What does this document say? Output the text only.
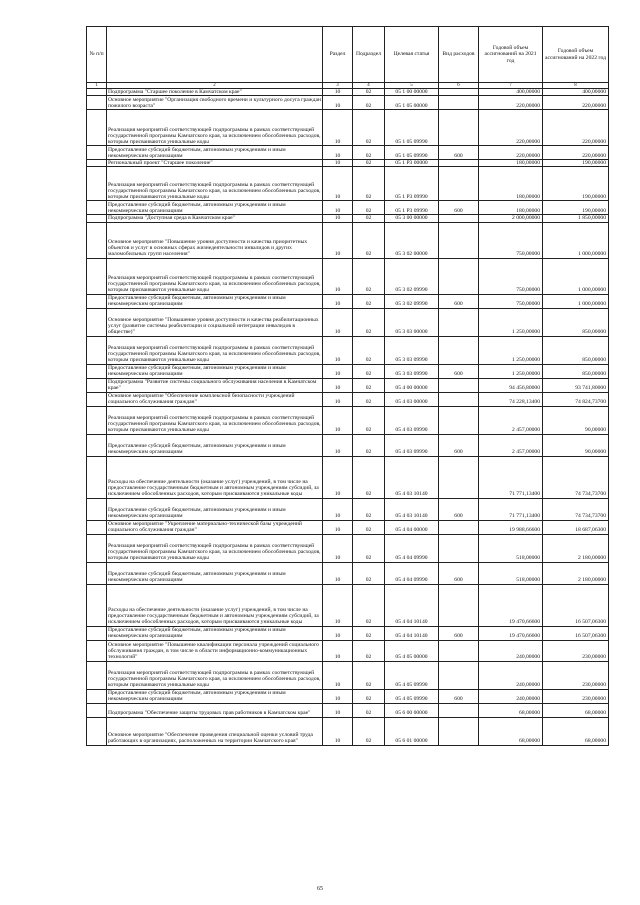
№ п/п		Раздел	Подраздел	Целевая статья	Вид расходов	Годовой объем ассигнований на 2021 год	Годовой объем ассигнований на 2022 год
1	2	3	4	5	6	7	8
	Подпрограмма "Старшее поколение в Камчатском крае"	10	02	05 1 00 00000		400,00000	400,00000
	Основное мероприятие "Организация свободного времени и культурного досуга граждан пожилого возраста"	10	02	05 1 05 00000		220,00000	220,00000
	Реализация мероприятий соответствующей подпрограммы в рамках соответствующей государственной программы Камчатского края, за исключением обособленных расходов, которым присваиваются уникальные коды	10	02	05 1 05 09990		220,00000	220,00000
	Предоставление субсидий бюджетным, автономным учреждениям и иным некоммерческим организациям	10	02	05 1 05 09990	600	220,00000	220,00000
	Региональный проект "Старшее поколение"	10	02	05 1 P3 00000		180,00000	190,00000
	Реализация мероприятий соответствующей подпрограммы в рамках соответствующей государственной программы Камчатского края, за исключением обособленных расходов, которым присваиваются уникальные коды	10	02	05 1 P3 09990		180,00000	190,00000
	Предоставление субсидий бюджетным, автономным учреждениям и иным некоммерческим организациям	10	02	05 1 P3 09990	600	180,00000	190,00000
	Подпрограмма "Доступная среда в Камчатском крае"	10	02	05 3 00 00000		2 000,00000	1 850,00000
	Основное мероприятие "Повышение уровня доступности и качества приоритетных объектов и услуг в основных сферах жизнедеятельности инвалидов и других маломобильных групп населения"	10	02	05 3 02 00000		750,00000	1 000,00000
	Реализация мероприятий соответствующей подпрограммы в рамках соответствующей государственной программы Камчатского края, за исключением обособленных расходов, которым присваиваются уникальные коды	10	02	05 3 02 09990		750,00000	1 000,00000
	Предоставление субсидий бюджетным, автономным учреждениям и иным некоммерческим организациям	10	02	05 3 02 09990	600	750,00000	1 000,00000
	Основное мероприятие "Повышение уровня доступности и качества реабилитационных услуг (развитие системы реабилитации и социальной интеграции инвалидов в обществе)"	10	02	05 3 03 00000		1 250,00000	850,00000
	Реализация мероприятий соответствующей подпрограммы в рамках соответствующей государственной программы Камчатского края, за исключением обособленных расходов, которым присваиваются уникальные коды	10	02	05 3 03 09990		1 250,00000	850,00000
	Предоставление субсидий бюджетным, автономным учреждениям и иным некоммерческим организациям	10	02	05 3 03 09990	600	1 250,00000	850,00000
	Подпрограмма "Развитие системы социального обслуживания населения в Камчатском крае"	10	02	05 4 00 00000		94 456,80000	93 741,80000
	Основное мероприятие "Обеспечение комплексной безопасности учреждений социального обслуживания граждан"	10	02	05 4 03 00000		74 228,13400	74 824,73700
	Реализация мероприятий соответствующей подпрограммы в рамках соответствующей государственной программы Камчатского края, за исключением обособленных расходов, которым присваиваются уникальные коды	10	02	05 4 03 09990		2 457,00000	90,00000
	Предоставление субсидий бюджетным, автономным учреждениям и иным некоммерческим организациям	10	02	05 4 03 09990	600	2 457,00000	90,00000
	Расходы на обеспечение деятельности (оказание услуг) учреждений, в том числе на предоставление государственным бюджетным и автономным учреждениям субсидий, за исключением обособленных расходов, которым присваиваются уникальные коды	10	02	05 4 03 10140		71 771,13400	74 734,73700
	Предоставление субсидий бюджетным, автономным учреждениям и иным некоммерческим организациям	10	02	05 4 03 10140	600	71 771,13400	74 734,73700
	Основное мероприятие "Укрепление материально-технической базы учреждений социального обслуживания граждан"	10	02	05 4 04 00000		19 988,66600	18 687,06300
	Реализация мероприятий соответствующей подпрограммы в рамках соответствующей государственной программы Камчатского края, за исключением обособленных расходов, которым присваиваются уникальные коды	10	02	05 4 04 09990		518,00000	2 180,00000
	Предоставление субсидий бюджетным, автономным учреждениям и иным некоммерческим организациям	10	02	05 4 04 09990	600	518,00000	2 180,00000
	Расходы на обеспечение деятельности (оказание услуг) учреждений, в том числе на предоставление государственным бюджетным и автономным учреждениям субсидий, за исключением обособленных расходов, которым присваиваются уникальные коды	10	02	05 4 04 10140		19 470,66600	16 507,06300
	Предоставление субсидий бюджетным, автономным учреждениям и иным некоммерческим организациям	10	02	05 4 04 10140	600	19 470,66600	16 507,06300
	Основное мероприятие "Повышение квалификации персонала учреждений социального обслуживания граждан, в том числе в области информационно-коммуникационных технологий"	10	02	05 4 05 00000		240,00000	230,00000
	Реализация мероприятий соответствующей подпрограммы в рамках соответствующей государственной программы Камчатского края, за исключением обособленных расходов, которым присваиваются уникальные коды	10	02	05 4 05 09990		240,00000	230,00000
	Предоставление субсидий бюджетным, автономным учреждениям и иным некоммерческим организациям	10	02	05 4 05 09990	600	240,00000	230,00000
	Подпрограмма "Обеспечение защиты трудовых прав работников в Камчатском крае"	10	02	05 6 00 00000		68,00000	68,00000
	Основное мероприятие "Обеспечение проведения специальной оценки условий труда работающих в организациях, расположенных на территории Камчатского края"	10	02	05 6 01 00000		68,00000	68,00000
65
